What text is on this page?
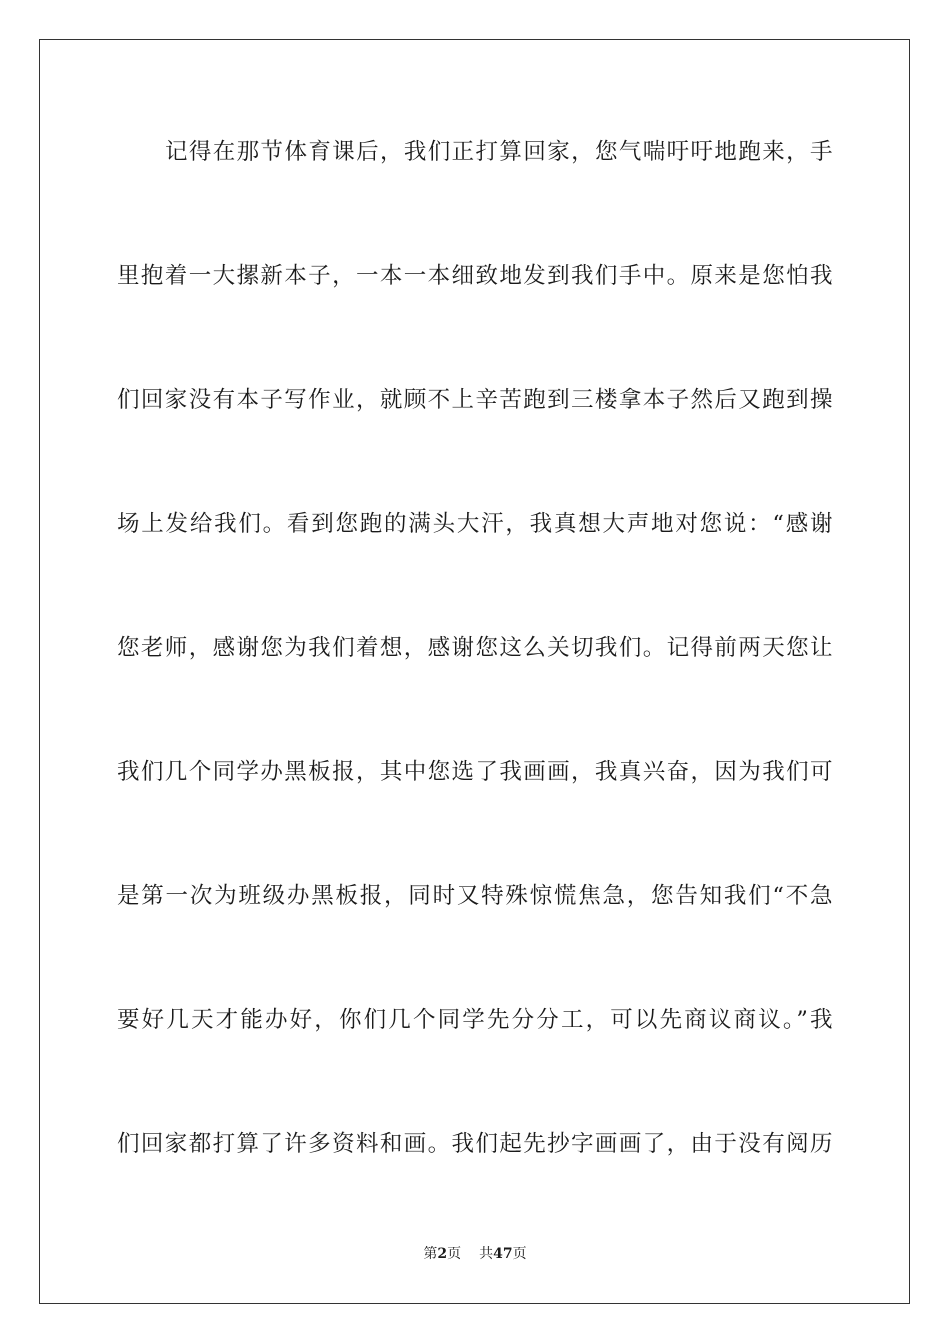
记得在那节体育课后，我们正打算回家，您气喘吁吁地跑来，手
里抱着一大摞新本子，一本一本细致地发到我们手中。原来是您怕我
们回家没有本子写作业，就顾不上辛苦跑到三楼拿本子然后又跑到操
场上发给我们。看到您跑的满头大汗，我真想大声地对您说：“感谢
您老师，感谢您为我们着想，感谢您这么关切我们。记得前两天您让
我们几个同学办黑板报，其中您选了我画画，我真兴奋，因为我们可
是第一次为班级办黑板报，同时又特殊惊慌焦急，您告知我们“不急
要好几天才能办好，你们几个同学先分分工，可以先商议商议。”我
们回家都打算了许多资料和画。我们起先抄字画画了，由于没有阅历
第2页 共47页
